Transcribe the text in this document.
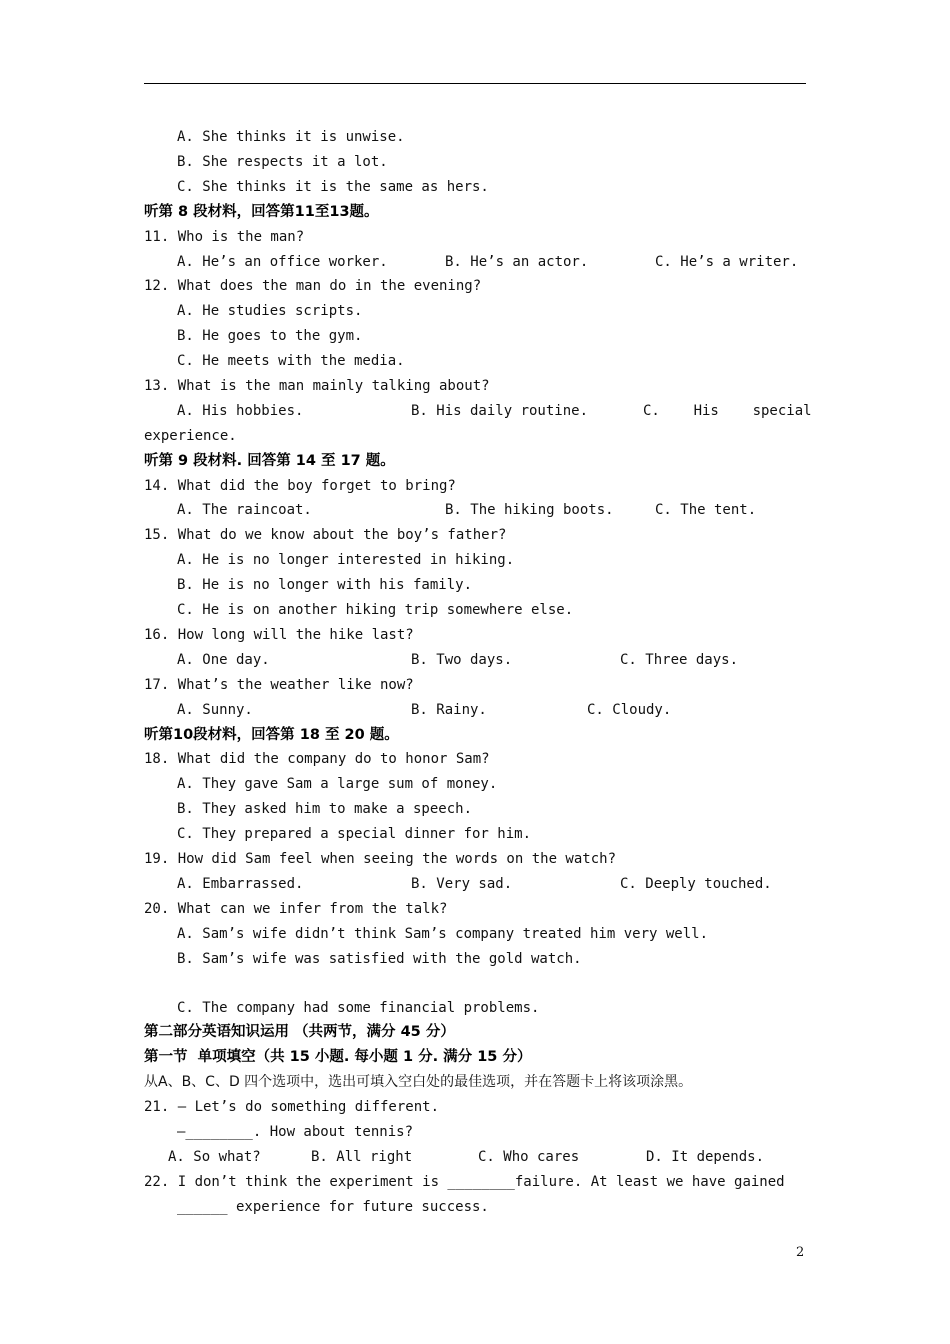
A. She thinks it is unwise.
B. She respects it a lot.
C. She thinks it is the same as hers.
听第 8 段材料，回答第11至13题。
11. Who is the man?
A. He’s an office worker.	B. He’s an actor.	C. He’s a writer.
12. What does the man do in the evening?
A. He studies scripts.
B. He goes to the gym.
C. He meets with the media.
13. What is the man mainly talking about?
A. His hobbies.	B. His daily routine.	C.    His    special
experience.
听第 9 段材料. 回答第 14 至 17 题。
14. What did the boy forget to bring?
A. The raincoat.	B. The hiking boots.	C. The tent.
15. What do we know about the boy’s father?
A. He is no longer interested in hiking.
B. He is no longer with his family.
C. He is on another hiking trip somewhere else.
16. How long will the hike last?
A. One day.	B. Two days.	C. Three days.
17. What’s the weather like now?
A. Sunny.	B. Rainy.	C. Cloudy.
听第10段材料，回答第 18 至 20 题。
18. What did the company do to honor Sam?
A. They gave Sam a large sum of money.
B. They asked him to make a speech.
C. They prepared a special dinner for him.
19. How did Sam feel when seeing the words on the watch?
A. Embarrassed.	B. Very sad.	C. Deeply touched.
20. What can we infer from the talk?
A. Sam’s wife didn’t think Sam’s company treated him very well.
B. Sam’s wife was satisfied with the gold watch.
C. The company had some financial problems.
第二部分英语知识运用 （共两节，满分 45 分）
第一节  单项填空（共 15 小题. 每小题 1 分. 满分 15 分）
从A、B、C、D 四个选项中，选出可填入空白处的最佳选项，并在答题卡上将该项涂黑。
21. — Let’s do something different.
—________. How about tennis?
A. So what?	B. All right	C. Who cares	D. It depends.
22. I don’t think the experiment is ________failure. At least we have gained
______ experience for future success.
2
